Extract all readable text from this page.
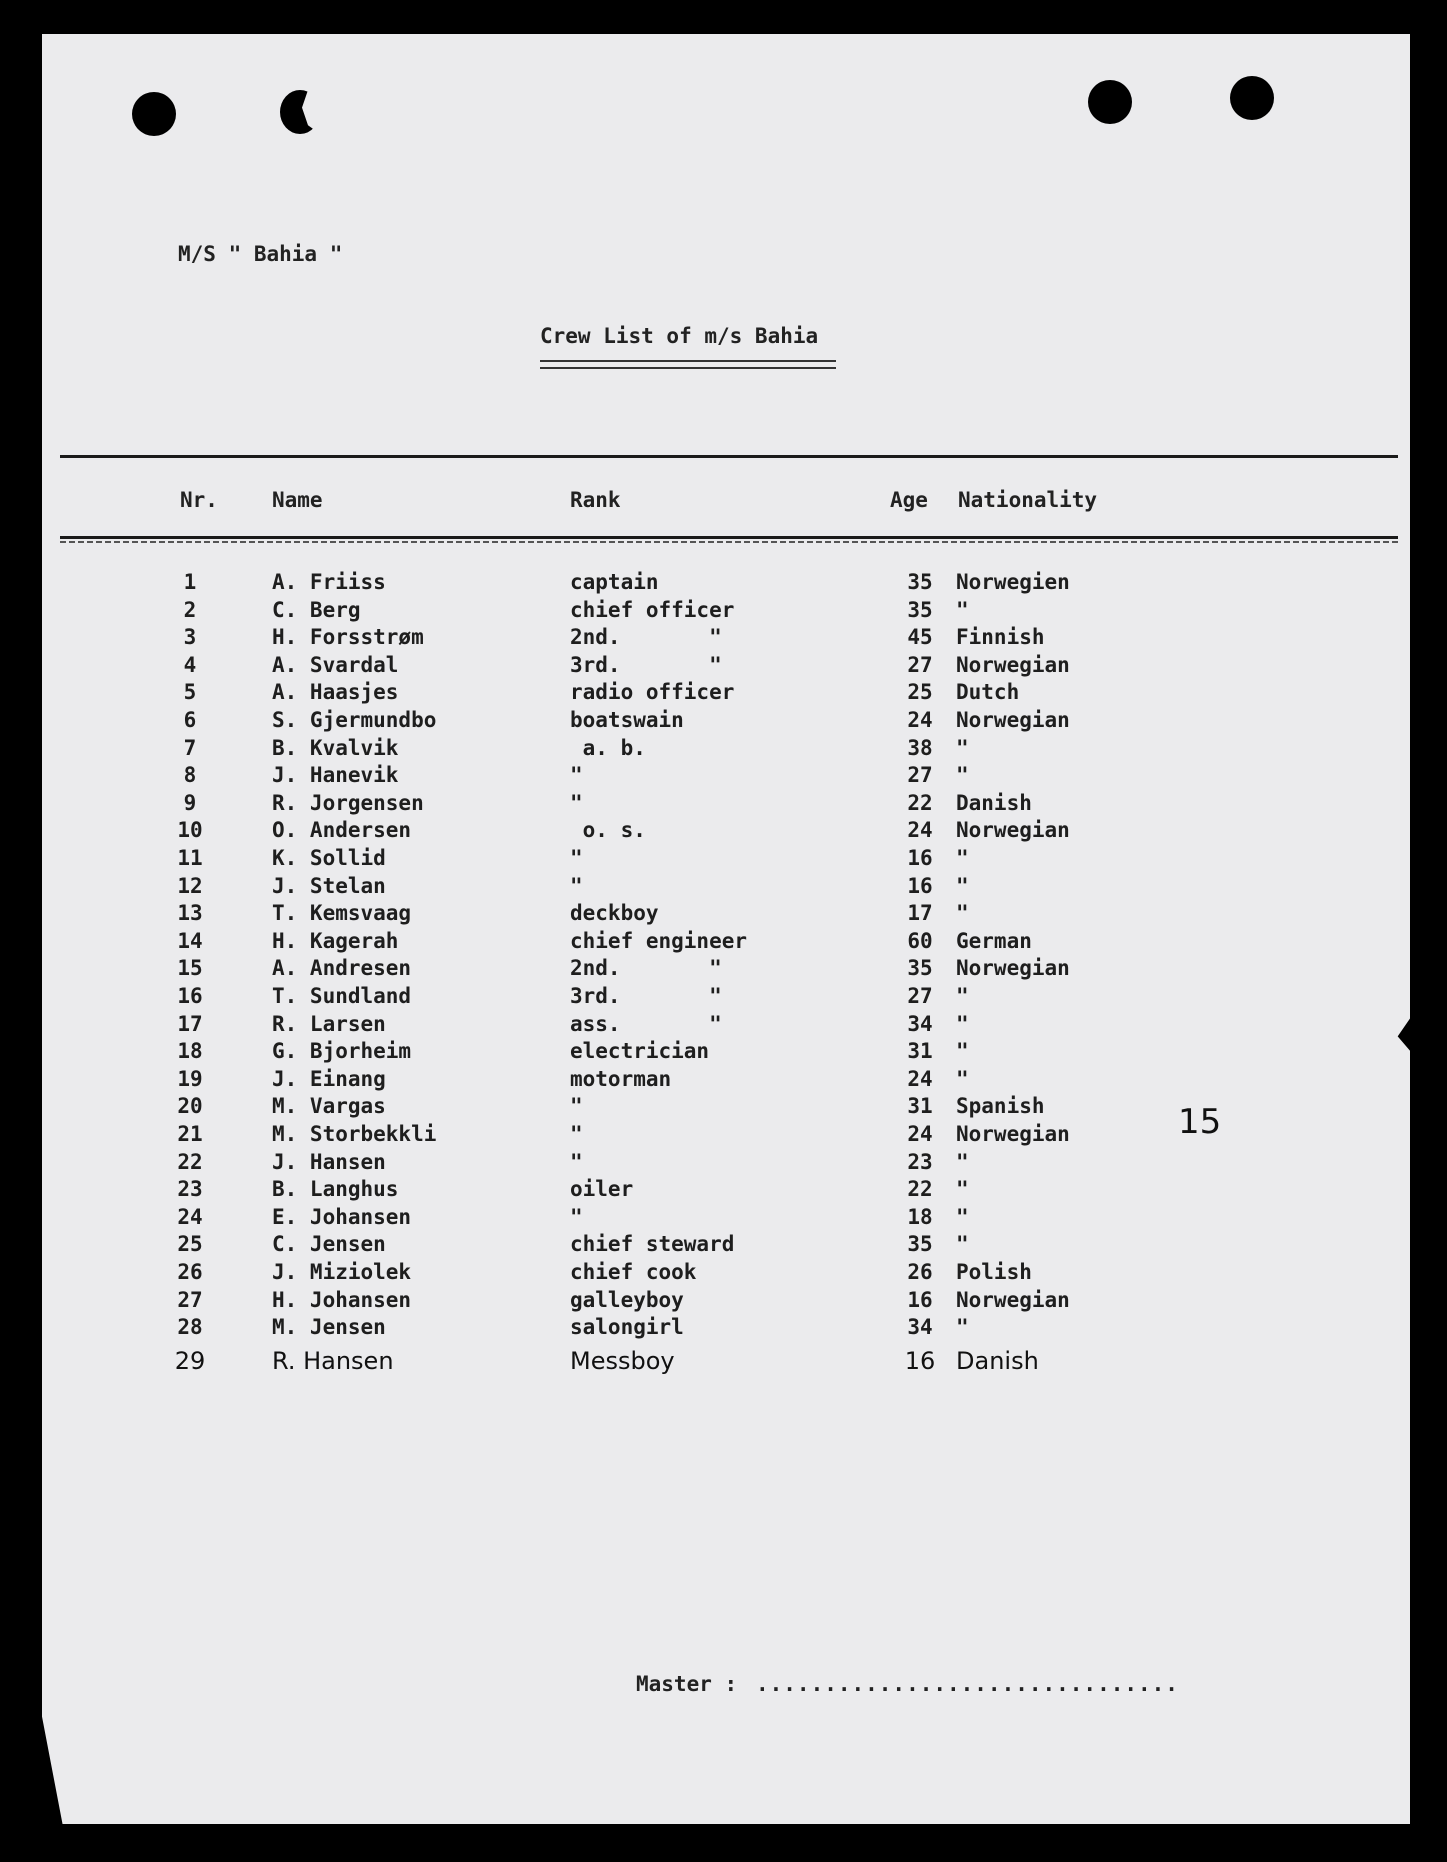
M/S " Bahia "
Crew List of m/s Bahia
Nr.	Name	Rank	Age Nationality
1	A. Friiss	captain	35	Norwegien
2	C. Berg	chief officer	35	"
3	H. Forsstrøm	2nd.       "	45	Finnish
4	A. Svardal	3rd.       "	27	Norwegian
5	A. Haasjes	radio officer	25	Dutch
6	S. Gjermundbo	boatswain	24	Norwegian
7	B. Kvalvik	a. b.	38	"
8	J. Hanevik	"	27	"
9	R. Jorgensen	"	22	Danish
10	O. Andersen	o. s.	24	Norwegian
11	K. Sollid	"	16	"
12	J. Stelan	"	16	"
13	T. Kemsvaag	deckboy	17	"
14	H. Kagerah	chief engineer	60	German
15	A. Andresen	2nd.       "	35	Norwegian
16	T. Sundland	3rd.       "	27	"
17	R. Larsen	ass.       "	34	"
18	G. Bjorheim	electrician	31	"
19	J. Einang	motorman	24	"
20	M. Vargas	"	31	Spanish
21	M. Storbekkli	"	24	Norwegian
22	J. Hansen	"	23	"
23	B. Langhus	oiler	22	"
24	E. Johansen	"	18	"
25	C. Jensen	chief steward	35	"
26	J. Miziolek	chief cook	26	Polish
27	H. Johansen	galleyboy	16	Norwegian
28	M. Jensen	salongirl	34	"
29	R. Hansen	Messboy	16 Danish
15
Master : ...............................
